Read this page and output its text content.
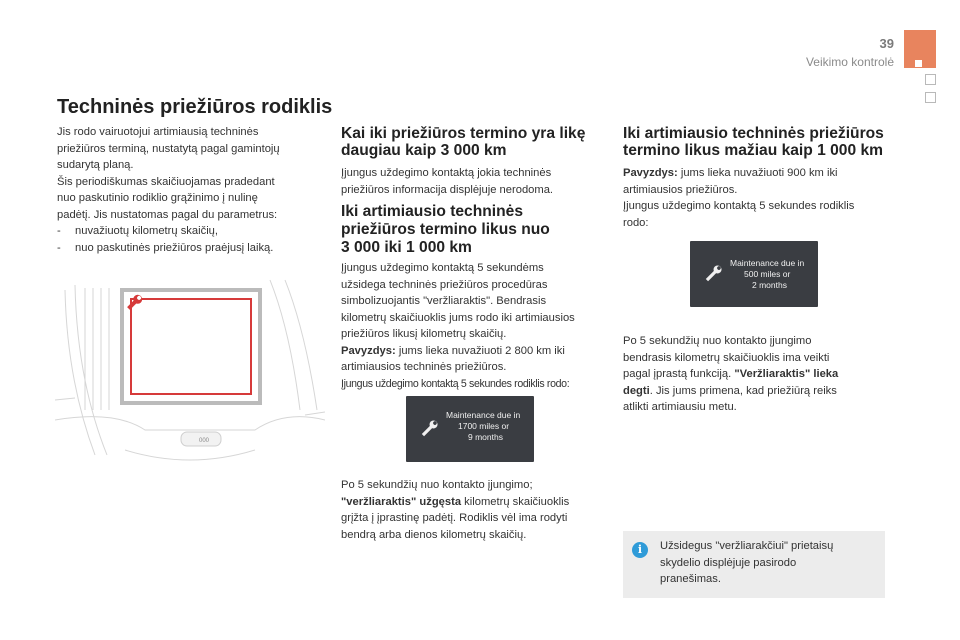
39
Veikimo kontrolė
Techninės priežiūros rodiklis
Jis rodo vairuotojui artimiausią techninės
priežiūros terminą, nustatytą pagal gamintojų
sudarytą planą.
Šis periodiškumas skaičiuojamas pradedant
nuo paskutinio rodiklio grąžinimo į nulinę
padėtį. Jis nustatomas pagal du parametrus:
- nuvažiuotų kilometrų skaičių,
- nuo paskutinės priežiūros praėjusį laiką.
000
Kai iki priežiūros termino yra likę
daugiau kaip 3 000 km
Įjungus uždegimo kontaktą jokia techninės
priežiūros informacija displėjuje nerodoma.
Iki artimiausio techninės
priežiūros termino likus nuo
3 000 iki 1 000 km
Įjungus uždegimo kontaktą 5 sekundėms
užsidega techninės priežiūros procedūras
simbolizuojantis "veržliaraktis". Bendrasis
kilometrų skaičiuoklis jums rodo iki artimiausios
priežiūros likusį kilometrų skaičių.
Pavyzdys: jums lieka nuvažiuoti 2 800 km iki
artimiausios techninės priežiūros.
Įjungus uždegimo kontaktą 5 sekundes rodiklis rodo:
Maintenance due in
1700 miles or
9 months
Po 5 sekundžių nuo kontakto įjungimo;
"veržliaraktis" užgęsta kilometrų skaičiuoklis
grįžta į įprastinę padėtį. Rodiklis vėl ima rodyti
bendrą arba dienos kilometrų skaičių.
Iki artimiausio techninės priežiūros
termino likus mažiau kaip 1 000 km
Pavyzdys: jums lieka nuvažiuoti 900 km iki
artimiausios priežiūros.
Įjungus uždegimo kontaktą 5 sekundes rodiklis
rodo:
Maintenance due in
500 miles or
2 months
Po 5 sekundžių nuo kontakto įjungimo
bendrasis kilometrų skaičiuoklis ima veikti
pagal įprastą funkciją. "Veržliaraktis" lieka
degti. Jis jums primena, kad priežiūrą reiks
atlikti artimiausiu metu.
i	Užsidegus "veržliarakčiui" prietaisų
skydelio displėjuje pasirodo
pranešimas.
